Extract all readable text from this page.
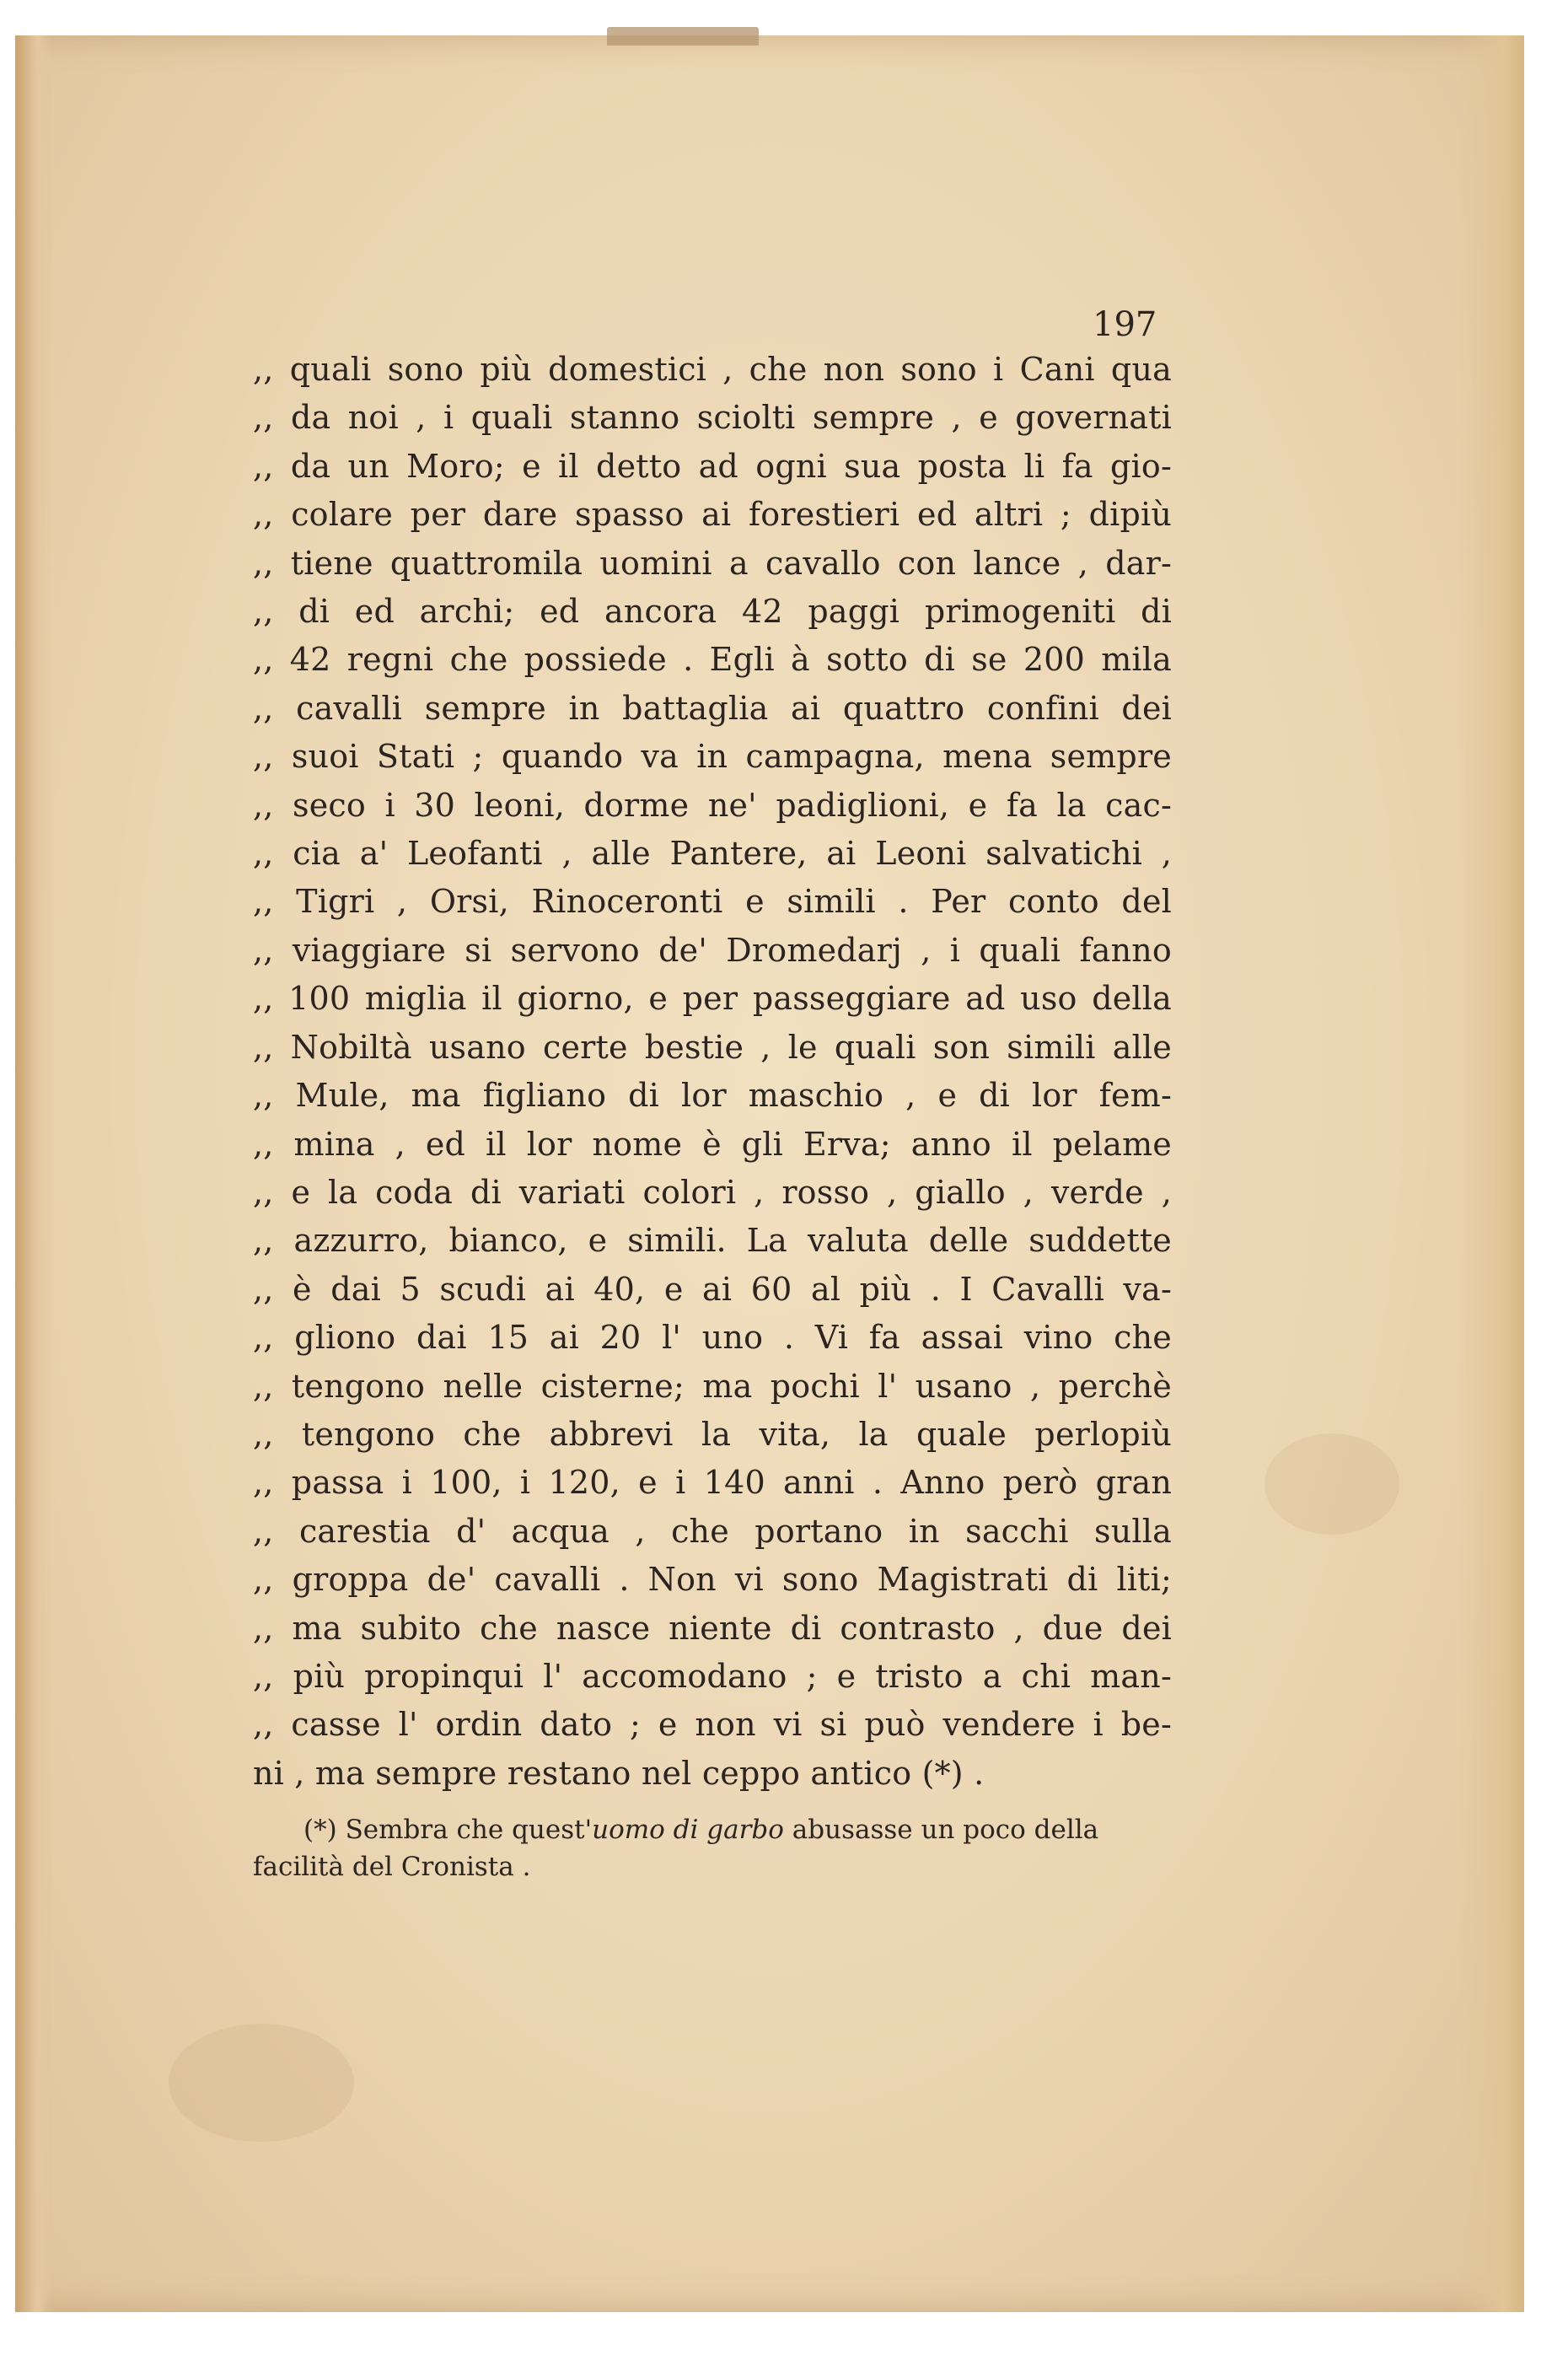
197
,, quali sono più domestici , che non sono i Cani qua
,, da noi , i quali stanno sciolti sempre , e governati
,, da un Moro; e il detto ad ogni sua posta li fa gio-
,, colare per dare spasso ai forestieri ed altri ; dipiù
,, tiene quattromila uomini a cavallo con lance , dar-
,, di ed archi; ed ancora 42 paggi primogeniti di
,, 42 regni che possiede . Egli à sotto di se 200 mila
,, cavalli sempre in battaglia ai quattro confini dei
,, suoi Stati ; quando va in campagna, mena sempre
,, seco i 30 leoni, dorme ne' padiglioni, e fa la cac-
,, cia a' Leofanti , alle Pantere, ai Leoni salvatichi ,
,, Tigri , Orsi, Rinoceronti e simili . Per conto del
,, viaggiare si servono de' Dromedarj , i quali fanno
,, 100 miglia il giorno, e per passeggiare ad uso della
,, Nobiltà usano certe bestie , le quali son simili alle
,, Mule, ma figliano di lor maschio , e di lor fem-
,, mina , ed il lor nome è gli Erva; anno il pelame
,, e la coda di variati colori , rosso , giallo , verde ,
,, azzurro, bianco, e simili. La valuta delle suddette
,, è dai 5 scudi ai 40, e ai 60 al più . I Cavalli va-
,, gliono dai 15 ai 20 l' uno . Vi fa assai vino che
,, tengono nelle cisterne; ma pochi l' usano , perchè
,, tengono che abbrevi la vita, la quale perlopiù
,, passa i 100, i 120, e i 140 anni . Anno però gran
,, carestia d' acqua , che portano in sacchi sulla
,, groppa de' cavalli . Non vi sono Magistrati di liti;
,, ma subito che nasce niente di contrasto , due dei
,, più propinqui l' accomodano ; e tristo a chi man-
,, casse l' ordin dato ; e non vi si può vendere i be-
ni , ma sempre restano nel ceppo antico (*) .
(*) Sembra che quest'uomo di garbo abusasse un poco della
facilità del Cronista .
